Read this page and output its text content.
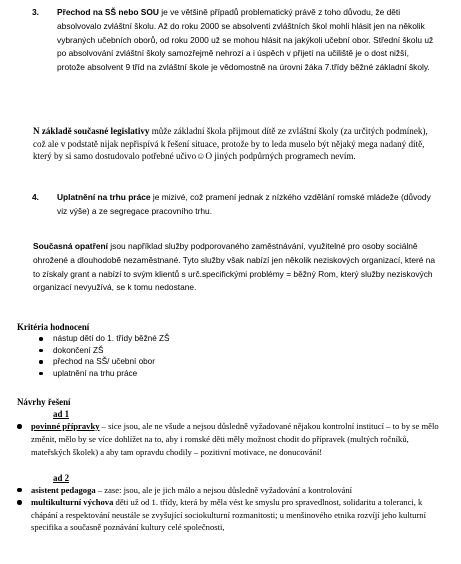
3.	Přechod na SŠ nebo SOU je ve většině případů problematický právě z toho důvodu, že děti absolvovalo zvláštní školu. Až do roku 2000 se absolventi zvláštních škol mohli hlásit jen na několik vybraných učebních oborů, od roku 2000 už se mohou hlásit na jakýkoli učební obor. Střední školu už po absolvování zvláštní školy samozřejmě nehrozí a i úspěch v přijetí na učiliště je o dost nižší, protože absolvent 9 tříd na zvláštní škole je vědomostně na úrovni žáka 7.třídy běžné základní školy.

N základě současné legislativy může základní škola přijmout dítě ze zvláštní školy (za určitých podmínek), což ale v podstatě nijak nepřispívá k řešení situace, protože by to leda muselo být nějaký mega nadaný dítě, který by si samo dostudovalo potřebné učivo☺O jiných podpůrných programech nevím.

4.	Uplatnění na trhu práce je mizivé, což pramení jednak z nízkého vzdělání romské mládeže (důvody viz výše) a ze segregace pracovního trhu.

Současná opatření jsou například služby podporovaného zaměstnávání, využitelné pro osoby sociálně ohrožené a dlouhodobě nezaměstnané. Tyto služby však nabízí jen několik neziskových organizací, které na to získaly grant a nabízí to svým klientů s urč.specifickými problémy = běžný Rom, který služby neziskových organizací nevyužívá, se k tomu nedostane.

Kritéria hodnocení

nástup dětí do 1. třídy běžné ZŠ
dokončení ZŠ
přechod na SŠ/ učební obor
uplatnění na trhu práce

Návrhy řešení

ad 1

povinné přípravky – sice jsou, ale ne všude a nejsou důsledně vyžadované nějakou kontrolní institucí – to by se mělo změnit, mělo by se více dohlížet na to, aby i romské děti měly možnost chodit do přípravek (multých ročníků, mateřských školek) a aby tam opravdu chodily – pozitivní motivace, ne donucování!

ad 2

asistent pedagoga – zase: jsou, ale je jich málo a nejsou důsledně vyžadování a kontrolování
multikulturní výchova děti už od 1. třídy, která by měla vést ke smyslu pro spravedlnost, solidaritu a toleranci, k chápání a respektování neustále se zvyšující sociokulturní rozmanitosti; u menšinového etnika rozvíjí jeho kulturní specifika a současně poznávání kultury celé společnosti,
